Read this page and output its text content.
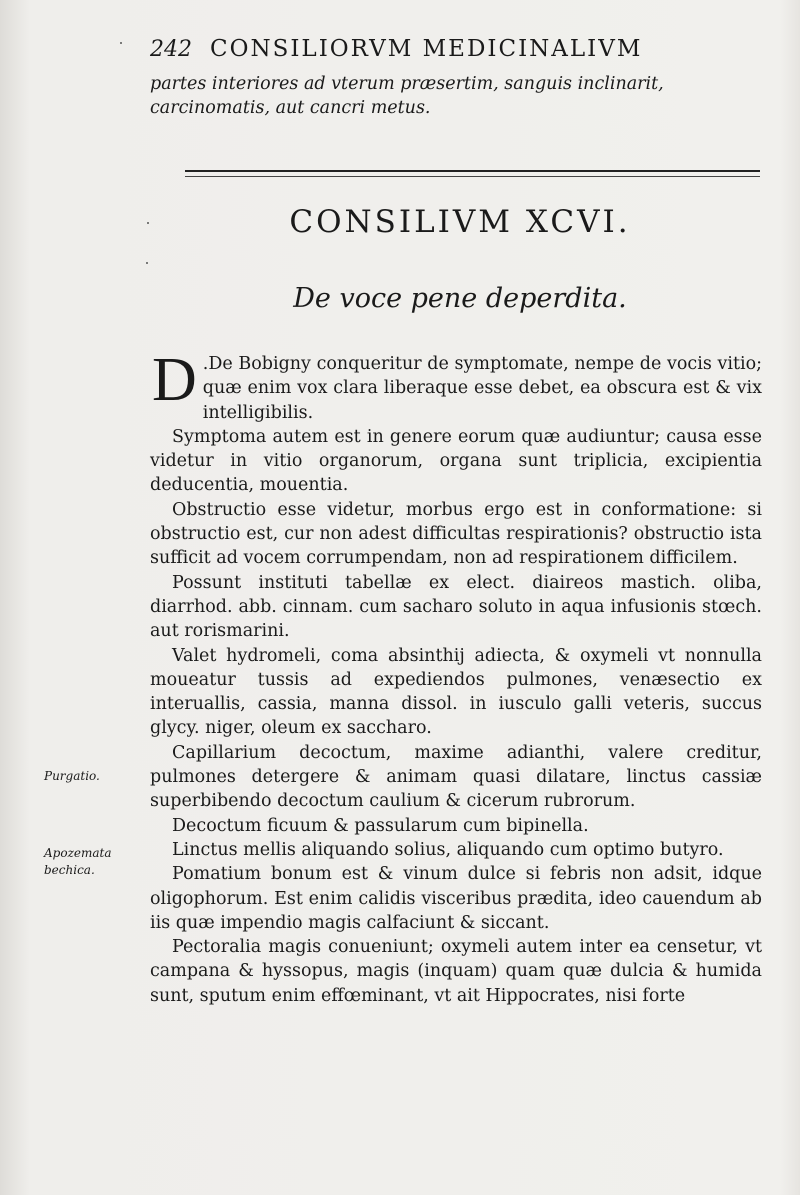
242 CONSILIORVM MEDICINALIVM
partes interiores ad vterum præsertim, sanguis inclinarit, carcinomatis, aut cancri metus.
CONSILIVM XCVI.
De voce pene deperdita.

D .De Bobigny conqueritur de symptomate, nempe de vocis vitio; quæ enim vox clara liberaque esse debet, ea obscura est & vix intelligibilis.

Symptoma autem est in genere eorum quæ audiuntur; causa esse videtur in vitio organorum, organa sunt triplicia, excipientia deducentia, mouentia.

Obstructio esse videtur, morbus ergo est in conformatione: si obstructio est, cur non adest difficultas respirationis? obstructio ista sufficit ad vocem corrumpendam, non ad respirationem difficilem.

Possunt instituti tabellæ ex elect. diaireos mastich. oliba, diarrhod. abb. cinnam. cum sacharo soluto in aqua infusionis stœch. aut rorismarini.

Valet hydromeli, coma absinthij adiecta, & oxymeli vt nonnulla moueatur tussis ad expediendos pulmones, venæsectio ex interuallis, cassia, manna dissol. in iusculo galli veteris, succus glycy. niger, oleum ex saccharo.

Capillarium decoctum, maxime adianthi, valere creditur, pulmones detergere & animam quasi dilatare, linctus cassiæ superbibendo decoctum caulium & cicerum rubrorum.

Decoctum ficuum & passularum cum bipinella.

Linctus mellis aliquando solius, aliquando cum optimo butyro.

Pomatium bonum est & vinum dulce si febris non adsit, idque oligophorum. Est enim calidis visceribus prædita, ideo cauendum ab iis quæ impendio magis calfaciunt & siccant.

Pectoralia magis conueniunt; oxymeli autem inter ea censetur, vt campana & hyssopus, magis (inquam) quam quæ dulcia & humida sunt, sputum enim effœminant, vt ait Hippocrates, nisi forte

Purgatio.
Apozemata bechica.
